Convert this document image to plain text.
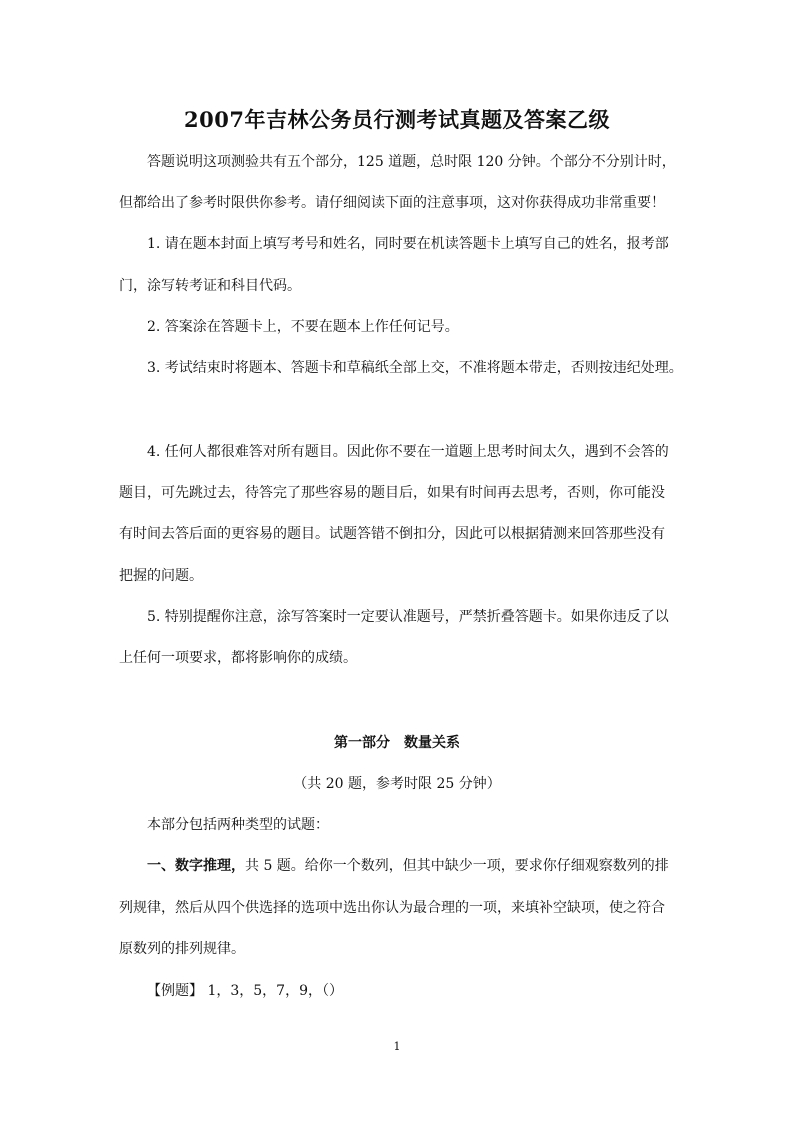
2007年吉林公务员行测考试真题及答案乙级
答题说明这项测验共有五个部分，125 道题，总时限 120 分钟。个部分不分别计时，
但都给出了参考时限供你参考。请仔细阅读下面的注意事项，这对你获得成功非常重要！
1. 请在题本封面上填写考号和姓名，同时要在机读答题卡上填写自己的姓名，报考部
门，涂写转考证和科目代码。
2. 答案涂在答题卡上，不要在题本上作任何记号。
3. 考试结束时将题本、答题卡和草稿纸全部上交，不准将题本带走，否则按违纪处理。
4. 任何人都很难答对所有题目。因此你不要在一道题上思考时间太久，遇到不会答的
题目，可先跳过去，待答完了那些容易的题目后，如果有时间再去思考，否则，你可能没
有时间去答后面的更容易的题目。试题答错不倒扣分，因此可以根据猜测来回答那些没有
把握的问题。
5. 特别提醒你注意，涂写答案时一定要认准题号，严禁折叠答题卡。如果你违反了以
上任何一项要求，都将影响你的成绩。
第一部分 数量关系
（共 20 题，参考时限 25 分钟）
本部分包括两种类型的试题：
一、数字推理，共 5 题。给你一个数列，但其中缺少一项，要求你仔细观察数列的排
列规律，然后从四个供选择的选项中选出你认为最合理的一项，来填补空缺项，使之符合
原数列的排列规律。
【例题】 1，3，5，7，9，（）
1
